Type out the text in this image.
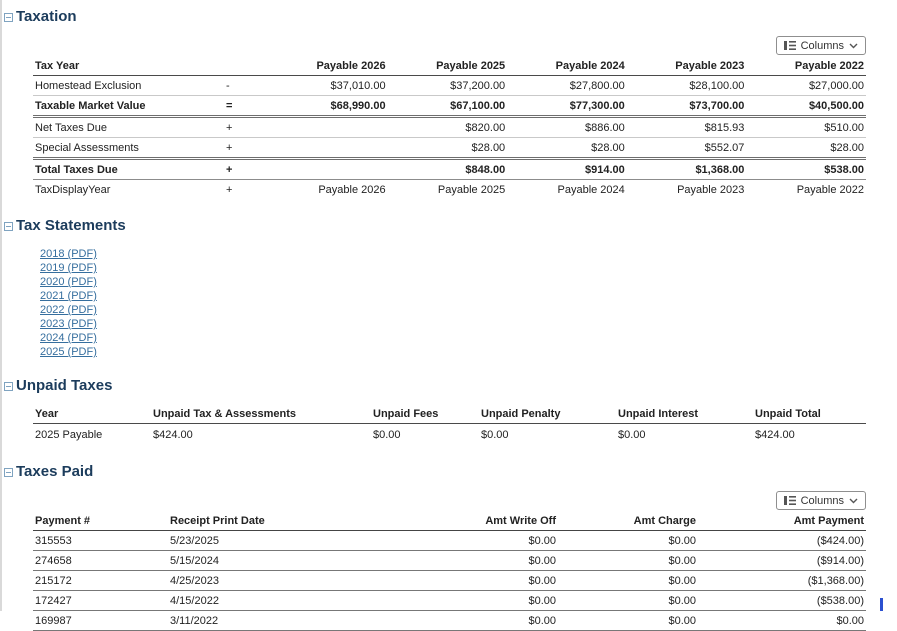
Taxation
Columns
Tax Year		Payable 2026	Payable 2025	Payable 2024	Payable 2023	Payable 2022
Homestead Exclusion	-	$37,010.00	$37,200.00	$27,800.00	$28,100.00	$27,000.00
Taxable Market Value	=	$68,990.00	$67,100.00	$77,300.00	$73,700.00	$40,500.00
Net Taxes Due	+		$820.00	$886.00	$815.93	$510.00
Special Assessments	+		$28.00	$28.00	$552.07	$28.00
Total Taxes Due	+		$848.00	$914.00	$1,368.00	$538.00
TaxDisplayYear	+	Payable 2026	Payable 2025	Payable 2024	Payable 2023	Payable 2022
Tax Statements
2018 (PDF)
2019 (PDF)
2020 (PDF)
2021 (PDF)
2022 (PDF)
2023 (PDF)
2024 (PDF)
2025 (PDF)
Unpaid Taxes
Year	Unpaid Tax & Assessments	Unpaid Fees	Unpaid Penalty	Unpaid Interest	Unpaid Total
2025 Payable	$424.00	$0.00	$0.00	$0.00	$424.00
Taxes Paid
Columns
Payment #	Receipt Print Date	Amt Write Off	Amt Charge	Amt Payment
315553	5/23/2025	$0.00	$0.00	($424.00)
274658	5/15/2024	$0.00	$0.00	($914.00)
215172	4/25/2023	$0.00	$0.00	($1,368.00)
172427	4/15/2022	$0.00	$0.00	($538.00)
169987	3/11/2022	$0.00	$0.00	$0.00
